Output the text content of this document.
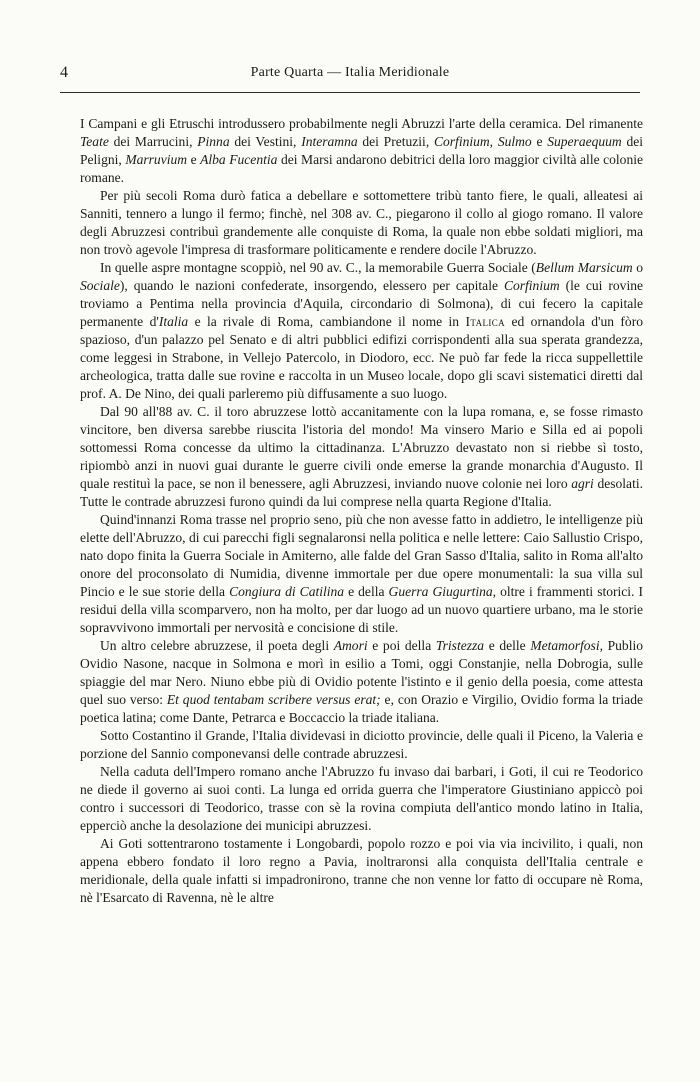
4	Parte Quarta — Italia Meridionale

I Campani e gli Etruschi introdussero probabilmente negli Abruzzi l'arte della ceramica. Del rimanente Teate dei Marrucini, Pinna dei Vestini, Interamna dei Pretuzii, Corfinium, Sulmo e Superaequum dei Peligni, Marruvium e Alba Fucentia dei Marsi andarono debitrici della loro maggior civiltà alle colonie romane.

Per più secoli Roma durò fatica a debellare e sottomettere tribù tanto fiere, le quali, alleatesi ai Sanniti, tennero a lungo il fermo; finchè, nel 308 av. C., piegarono il collo al giogo romano. Il valore degli Abruzzesi contribuì grandemente alle conquiste di Roma, la quale non ebbe soldati migliori, ma non trovò agevole l'impresa di trasformare politicamente e rendere docile l'Abruzzo.

In quelle aspre montagne scoppiò, nel 90 av. C., la memorabile Guerra Sociale (Bellum Marsicum o Sociale), quando le nazioni confederate, insorgendo, elessero per capitale Corfinium (le cui rovine troviamo a Pentima nella provincia d'Aquila, circondario di Solmona), di cui fecero la capitale permanente d'Italia e la rivale di Roma, cambiandone il nome in Italica ed ornandola d'un fòro spazioso, d'un palazzo pel Senato e di altri pubblici edifizi corrispondenti alla sua sperata grandezza, come leggesi in Strabone, in Vellejo Patercolo, in Diodoro, ecc. Ne può far fede la ricca suppellettile archeologica, tratta dalle sue rovine e raccolta in un Museo locale, dopo gli scavi sistematici diretti dal prof. A. De Nino, dei quali parleremo più diffusamente a suo luogo.

Dal 90 all'88 av. C. il toro abruzzese lottò accanitamente con la lupa romana, e, se fosse rimasto vincitore, ben diversa sarebbe riuscita l'istoria del mondo! Ma vinsero Mario e Silla ed ai popoli sottomessi Roma concesse da ultimo la cittadinanza. L'Abruzzo devastato non si riebbe sì tosto, ripiombò anzi in nuovi guai durante le guerre civili onde emerse la grande monarchia d'Augusto. Il quale restituì la pace, se non il benessere, agli Abruzzesi, inviando nuove colonie nei loro agri desolati. Tutte le contrade abruzzesi furono quindi da lui comprese nella quarta Regione d'Italia.

Quind'innanzi Roma trasse nel proprio seno, più che non avesse fatto in addietro, le intelligenze più elette dell'Abruzzo, di cui parecchi figli segnalaronsi nella politica e nelle lettere: Caio Sallustio Crispo, nato dopo finita la Guerra Sociale in Amiterno, alle falde del Gran Sasso d'Italia, salito in Roma all'alto onore del proconsolato di Numidia, divenne immortale per due opere monumentali: la sua villa sul Pincio e le sue storie della Congiura di Catilina e della Guerra Giugurtina, oltre i frammenti storici. I residui della villa scomparvero, non ha molto, per dar luogo ad un nuovo quartiere urbano, ma le storie sopravvivono immortali per nervosità e concisione di stile.

Un altro celebre abruzzese, il poeta degli Amori e poi della Tristezza e delle Metamorfosi, Publio Ovidio Nasone, nacque in Solmona e morì in esilio a Tomi, oggi Constanjie, nella Dobrogia, sulle spiaggie del mar Nero. Niuno ebbe più di Ovidio potente l'istinto e il genio della poesia, come attesta quel suo verso: Et quod tentabam scribere versus erat; e, con Orazio e Virgilio, Ovidio forma la triade poetica latina; come Dante, Petrarca e Boccaccio la triade italiana.

Sotto Costantino il Grande, l'Italia dividevasi in diciotto provincie, delle quali il Piceno, la Valeria e porzione del Sannio componevansi delle contrade abruzzesi.

Nella caduta dell'Impero romano anche l'Abruzzo fu invaso dai barbari, i Goti, il cui re Teodorico ne diede il governo ai suoi conti. La lunga ed orrida guerra che l'imperatore Giustiniano appiccò poi contro i successori di Teodorico, trasse con sè la rovina compiuta dell'antico mondo latino in Italia, epperciò anche la desolazione dei municipi abruzzesi.

Ai Goti sottentrarono tostamente i Longobardi, popolo rozzo e poi via via incivilito, i quali, non appena ebbero fondato il loro regno a Pavia, inoltraronsi alla conquista dell'Italia centrale e meridionale, della quale infatti si impadronirono, tranne che non venne lor fatto di occupare nè Roma, nè l'Esarcato di Ravenna, nè le altre
